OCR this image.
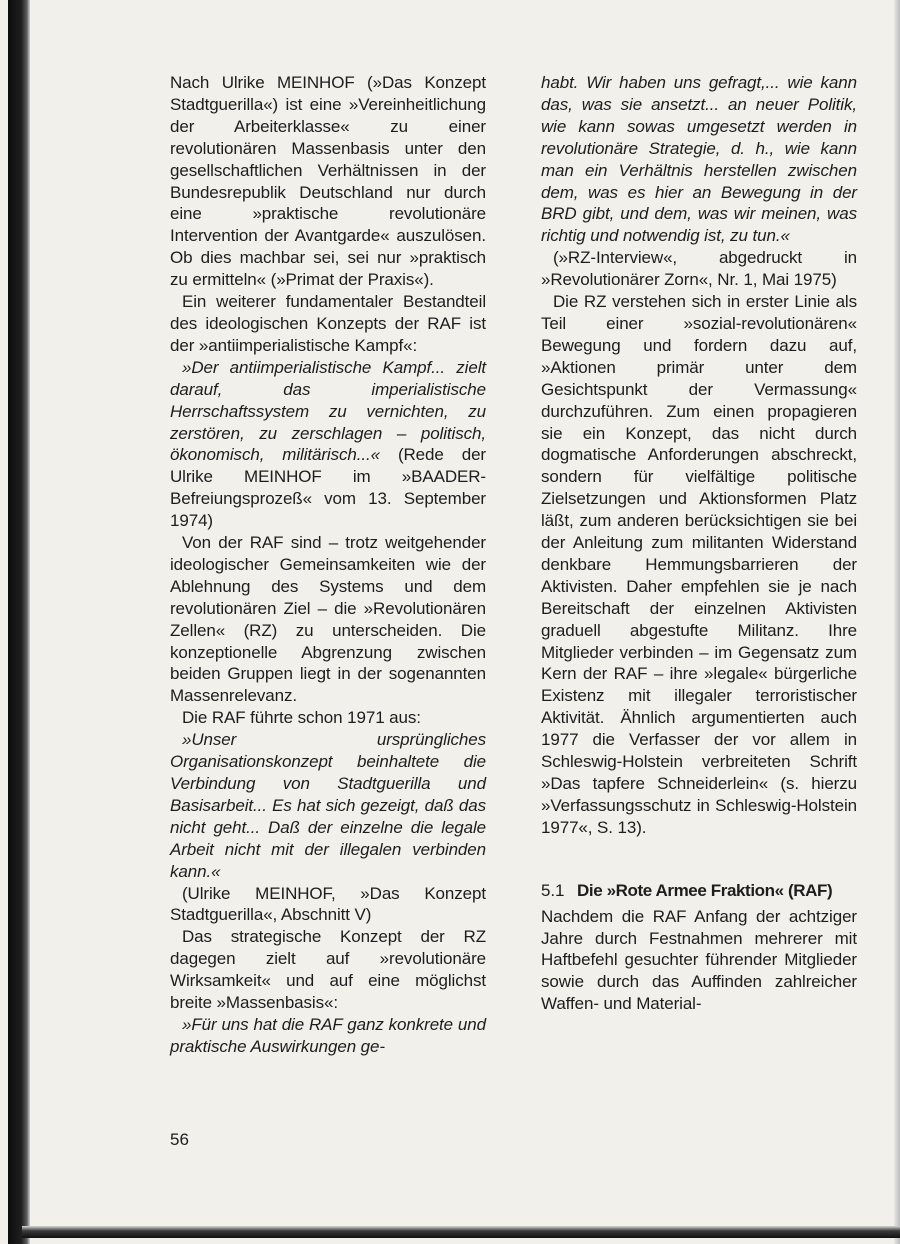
Nach Ulrike MEINHOF (»Das Konzept Stadtguerilla«) ist eine »Vereinheitlichung der Arbeiterklasse« zu einer revolutionären Massenbasis unter den gesellschaftlichen Verhältnissen in der Bundesrepublik Deutschland nur durch eine »praktische revolutionäre Intervention der Avantgarde« auszulösen. Ob dies machbar sei, sei nur »praktisch zu ermitteln« (»Primat der Praxis«).

Ein weiterer fundamentaler Bestandteil des ideologischen Konzepts der RAF ist der »antiimperialistische Kampf«:

»Der antiimperialistische Kampf... zielt darauf, das imperialistische Herrschaftssystem zu vernichten, zu zerstören, zu zerschlagen – politisch, ökonomisch, militärisch...« (Rede der Ulrike MEINHOF im »BAADER-Befreiungsprozeß« vom 13. September 1974)

Von der RAF sind – trotz weitgehender ideologischer Gemeinsamkeiten wie der Ablehnung des Systems und dem revolutionären Ziel – die »Revolutionären Zellen« (RZ) zu unterscheiden. Die konzeptionelle Abgrenzung zwischen beiden Gruppen liegt in der sogenannten Massenrelevanz.

Die RAF führte schon 1971 aus:

»Unser ursprüngliches Organisationskonzept beinhaltete die Verbindung von Stadtguerilla und Basisarbeit... Es hat sich gezeigt, daß das nicht geht... Daß der einzelne die legale Arbeit nicht mit der illegalen verbinden kann.«

(Ulrike MEINHOF, »Das Konzept Stadtguerilla«, Abschnitt V)

Das strategische Konzept der RZ dagegen zielt auf »revolutionäre Wirksamkeit« und auf eine möglichst breite »Massenbasis«:

»Für uns hat die RAF ganz konkrete und praktische Auswirkungen ge-

habt. Wir haben uns gefragt,... wie kann das, was sie ansetzt... an neuer Politik, wie kann sowas umgesetzt werden in revolutionäre Strategie, d. h., wie kann man ein Verhältnis herstellen zwischen dem, was es hier an Bewegung in der BRD gibt, und dem, was wir meinen, was richtig und notwendig ist, zu tun.«

(»RZ-Interview«, abgedruckt in »Revolutionärer Zorn«, Nr. 1, Mai 1975)

Die RZ verstehen sich in erster Linie als Teil einer »sozial-revolutionären« Bewegung und fordern dazu auf, »Aktionen primär unter dem Gesichtspunkt der Vermassung« durchzuführen. Zum einen propagieren sie ein Konzept, das nicht durch dogmatische Anforderungen abschreckt, sondern für vielfältige politische Zielsetzungen und Aktionsformen Platz läßt, zum anderen berücksichtigen sie bei der Anleitung zum militanten Widerstand denkbare Hemmungsbarrieren der Aktivisten. Daher empfehlen sie je nach Bereitschaft der einzelnen Aktivisten graduell abgestufte Militanz. Ihre Mitglieder verbinden – im Gegensatz zum Kern der RAF – ihre »legale« bürgerliche Existenz mit illegaler terroristischer Aktivität. Ähnlich argumentierten auch 1977 die Verfasser der vor allem in Schleswig-Holstein verbreiteten Schrift »Das tapfere Schneiderlein« (s. hierzu »Verfassungsschutz in Schleswig-Holstein 1977«, S. 13).

5.1 Die »Rote Armee Fraktion« (RAF)

Nachdem die RAF Anfang der achtziger Jahre durch Festnahmen mehrerer mit Haftbefehl gesuchter führender Mitglieder sowie durch das Auffinden zahlreicher Waffen- und Material-

56
